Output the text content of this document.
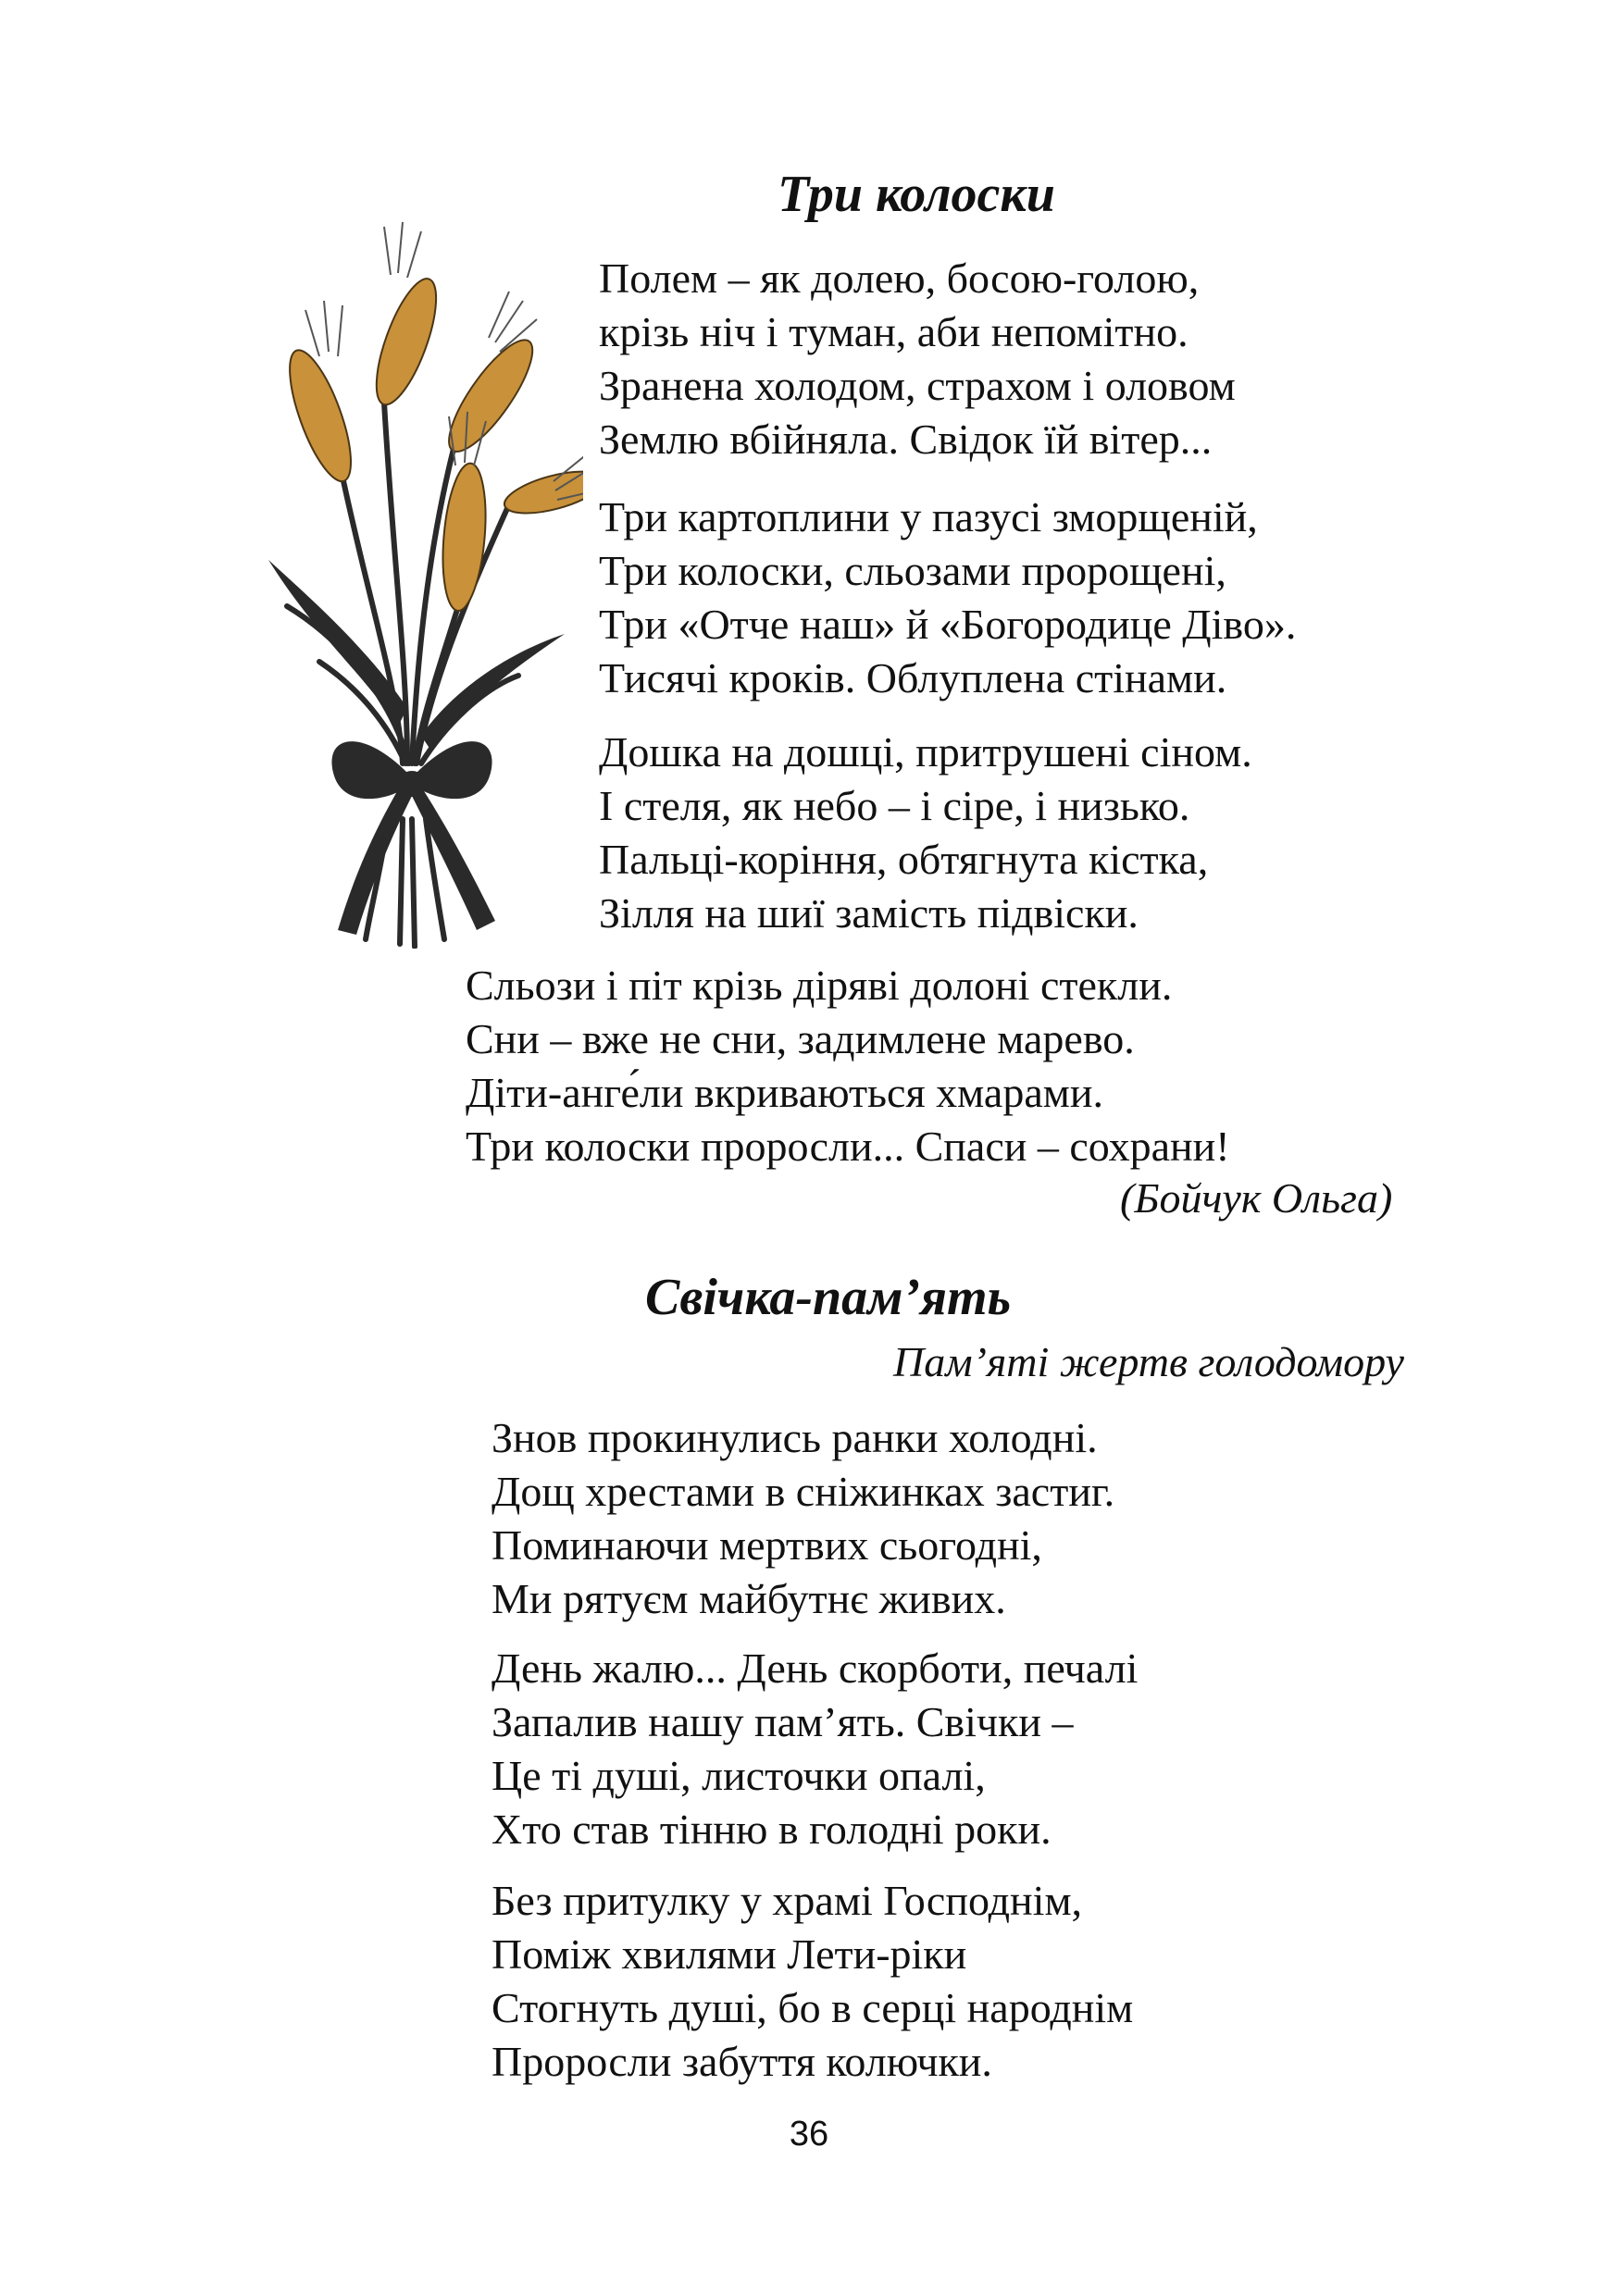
Три колоски
Полем – як долею, босою-голою,
крізь ніч і туман, аби непомітно.
Зранена холодом, страхом і оловом
Землю вбійняла. Свідок їй вітер...
Три картоплини у пазусі зморщеній,
Три колоски, сльозами пророщені,
Три «Отче наш» й «Богородице Діво».
Тисячі кроків. Облуплена стінами.
Дошка на дошці, притрушені сіном.
І стеля, як небо – і сіре, і низько.
Пальці-коріння, обтягнута кістка,
Зілля на шиї замість підвіски.
Сльози і піт крізь діряві долоні стекли.
Сни – вже не сни, задимлене марево.
Діти-анге́ли вкриваються хмарами.
Три колоски проросли... Спаси – сохрани!
(Бойчук Ольга)
Свічка-пам’ять
Пам’яті жертв голодомору
Знов прокинулись ранки холодні.
Дощ хрестами в сніжинках застиг.
Поминаючи мертвих сьогодні,
Ми рятуєм майбутнє живих.
День жалю... День скорботи, печалі
Запалив нашу пам’ять. Свічки –
Це ті душі, листочки опалі,
Хто став тінню в голодні роки.
Без притулку у храмі Господнім,
Поміж хвилями Лети-ріки
Стогнуть душі, бо в серці народнім
Проросли забуття колючки.
36
